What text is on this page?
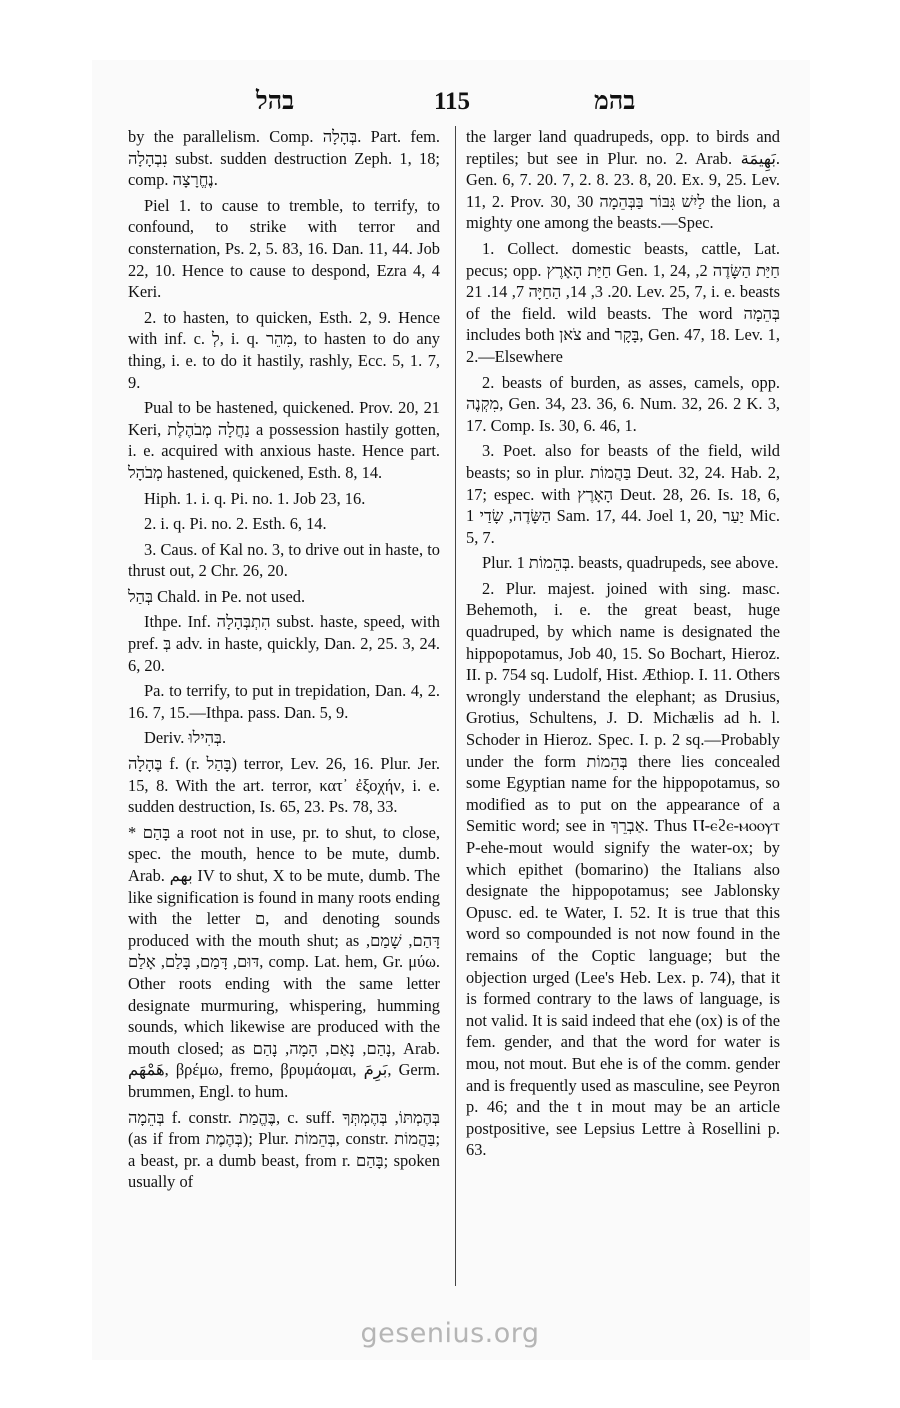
בהל	115	בהמ

by the parallelism. Comp. בְּהָלָה. Part. fem. נִבְהָלָה subst. sudden destruction Zeph. 1, 18; comp. נֶחֱרָצָה.

Piel 1. to cause to tremble, to terrify, to confound, to strike with terror and consternation, Ps. 2, 5. 83, 16. Dan. 11, 44. Job 22, 10. Hence to cause to despond, Ezra 4, 4 Keri.

2. to hasten, to quicken, Esth. 2, 9. Hence with inf. c. לְ, i. q. מִהֵר, to hasten to do any thing, i. e. to do it hastily, rashly, Ecc. 5, 1. 7, 9.

Pual to be hastened, quickened. Prov. 20, 21 Keri, נַחֲלָה מְבֹהֶלֶת a possession hastily gotten, i. e. acquired with anxious haste. Hence part. מְבֹהָל hastened, quickened, Esth. 8, 14.

Hiph. 1. i. q. Pi. no. 1. Job 23, 16.

2. i. q. Pi. no. 2. Esth. 6, 14.

3. Caus. of Kal no. 3, to drive out in haste, to thrust out, 2 Chr. 26, 20.

בְּהַל Chald. in Pe. not used.

Ithpe. Inf. הִתְבְּהָלָה subst. haste, speed, with pref. בְּ adv. in haste, quickly, Dan. 2, 25. 3, 24. 6, 20.

Pa. to terrify, to put in trepidation, Dan. 4, 2. 16. 7, 15.—Ithpa. pass. Dan. 5, 9.

Deriv. בְּהִילוּ.

בֶּהָלָה f. (r. בָּהַל) terror, Lev. 26, 16. Plur. Jer. 15, 8. With the art. terror, κατ᾽ ἐξοχήν, i. e. sudden destruction, Is. 65, 23. Ps. 78, 33.

* בָּהַם a root not in use, pr. to shut, to close, spec. the mouth, hence to be mute, dumb. Arab. بهم IV to shut, X to be mute, dumb. The like signification is found in many roots ending with the letter ם, and denoting sounds produced with the mouth shut; as דָּהַם, שָׁמַם, דּוּם, דָּמַם, בָּלַם, אָלַם, comp. Lat. hem, Gr. μύω. Other roots ending with the same letter designate murmuring, whispering, humming sounds, which likewise are produced with the mouth closed; as נָהַם, נָאַם, הָמָה, נָהַם, Arab. هَمْهَم, βρέμω, fremo, βρυμάομαι, بَرِمَ, Germ. brummen, Engl. to hum.

בְּהֵמָה f. constr. בֶּהֱמַת, c. suff. בְּהֶמְתּוֹ, בְּהֶמְתְּךָ (as if from בְּהֶמֶת); Plur. בְּהֵמוֹת, constr. בַּהֲמוֹת; a beast, pr. a dumb beast, from r. בָּהַם; spoken usually of

the larger land quadrupeds, opp. to birds and reptiles; but see in Plur. no. 2. Arab. بَهِيمَة. Gen. 6, 7. 20. 7, 2. 8. 23. 8, 20. Ex. 9, 25. Lev. 11, 2. Prov. 30, 30 לַיִשׁ גִּבּוֹר בַּבְּהֵמָה the lion, a mighty one among the beasts.—Spec.

1. Collect. domestic beasts, cattle, Lat. pecus; opp. חַיַּת הָאָרֶץ Gen. 1, 24, חַיַּת הַשָּׂדֶה 2, 20. 3, 14, הַחַיָּה 7, 14. 21. Lev. 25, 7, i. e. beasts of the field. wild beasts. The word בְּהֵמָה includes both צֹאן and בָּקָר, Gen. 47, 18. Lev. 1, 2.—Elsewhere

2. beasts of burden, as asses, camels, opp. מִקְנֶה, Gen. 34, 23. 36, 6. Num. 32, 26. 2 K. 3, 17. Comp. Is. 30, 6. 46, 1.

3. Poet. also for beasts of the field, wild beasts; so in plur. בַּהֲמוֹת Deut. 32, 24. Hab. 2, 17; espec. with הָאָרֶץ Deut. 28, 26. Is. 18, 6, הַשָּׂדֶה, שָׂדַי 1 Sam. 17, 44. Joel 1, 20, יַעַר Mic. 5, 7.

Plur. בְּהֵמוֹת 1. beasts, quadrupeds, see above.

2. Plur. majest. joined with sing. masc. Behemoth, i. e. the great beast, huge quadruped, by which name is designated the hippopotamus, Job 40, 15. So Bochart, Hieroz. II. p. 754 sq. Ludolf, Hist. Æthiop. I. 11. Others wrongly understand the elephant; as Drusius, Grotius, Schultens, J. D. Michælis ad h. l. Schoder in Hieroz. Spec. I. p. 2 sq.—Probably under the form בְּהֵמוֹת there lies concealed some Egyptian name for the hippopotamus, so modified as to put on the appearance of a Semitic word; see in אַבְרֵךְ. Thus Ⲡ-ⲉϩⲉ-ⲙⲟⲟⲩⲧ P-ehe-mout would signify the water-ox; by which epithet (bomarino) the Italians also designate the hippopotamus; see Jablonsky Opusc. ed. te Water, I. 52. It is true that this word so compounded is not now found in the remains of the Coptic language; but the objection urged (Lee's Heb. Lex. p. 74), that it is formed contrary to the laws of language, is not valid. It is said indeed that ehe (ox) is of the fem. gender, and that the word for water is mou, not mout. But ehe is of the comm. gender and is frequently used as masculine, see Peyron p. 46; and the t in mout may be an article postpositive, see Lepsius Lettre à Rosellini p. 63.

gesenius.org
